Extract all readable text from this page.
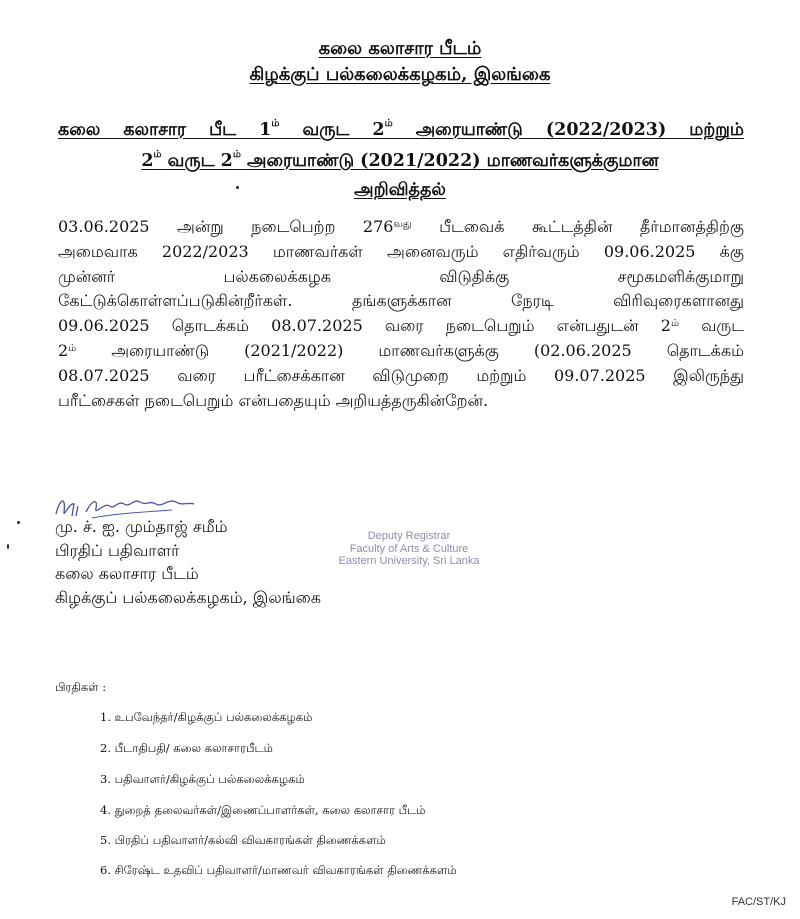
கலை கலாசார பீடம்
கிழக்குப் பல்கலைக்கழகம், இலங்கை
கலை கலாசார பீட $1^{ம்}$ வருட $2^{ம்}$ அரையாண்டு (2022/2023) மற்றும்
$2^{ம்}$ வருட $2^{ம்}$ அரையாண்டு (2021/2022) மாணவர்களுக்குமான
அறிவித்தல்
03.06.2025 அன்று நடைபெற்ற $276^{வது}$ பீடவைக் கூட்டத்தின் தீர்மானத்திற்கு
அமைவாக 2022/2023 மாணவர்கள் அனைவரும் எதிர்வரும் 09.06.2025 க்கு
முன்னர் பல்கலைக்கழக விடுதிக்கு சமூகமளிக்குமாறு
கேட்டுக்கொள்ளப்படுகின்றீர்கள். தங்களுக்கான நேரடி விரிவுரைகளானது
09.06.2025 தொடக்கம் 08.07.2025 வரை நடைபெறும் என்பதுடன் $2^{ம்}$ வருட
$2^{ம்}$ அரையாண்டு (2021/2022) மாணவர்களுக்கு (02.06.2025 தொடக்கம்
08.07.2025 வரை பரீட்சைக்கான விடுமுறை மற்றும் 09.07.2025 இலிருந்து
பரீட்சைகள் நடைபெறும் என்பதையும் அறியத்தருகின்றேன்.
மு. ச். ஐ. மும்தாஜ் சமீம்
பிரதிப் பதிவாளர்
கலை கலாசார பீடம்
கிழக்குப் பல்கலைக்கழகம், இலங்கை
Deputy Registrar
Faculty of Arts & Culture
Eastern University, Sri Lanka
பிரதிகள் :
1. உபவேந்தர்/கிழக்குப் பல்கலைக்கழகம்
2. பீடாதிபதி/ கலை கலாசாரபீடம்
3. பதிவாளர்/கிழக்குப் பல்கலைக்கழகம்
4. துறைத் தலைவர்கள்/இணைப்பாளர்கள், கலை கலாசார பீடம்
5. பிரதிப் பதிவாளர்/கல்வி விவகாரங்கள் திணைக்களம்
6. சிரேஷ்ட உதவிப் பதிவாளர்/மாணவர் விவகாரங்கள் திணைக்களம்
FAC/ST/KJ
